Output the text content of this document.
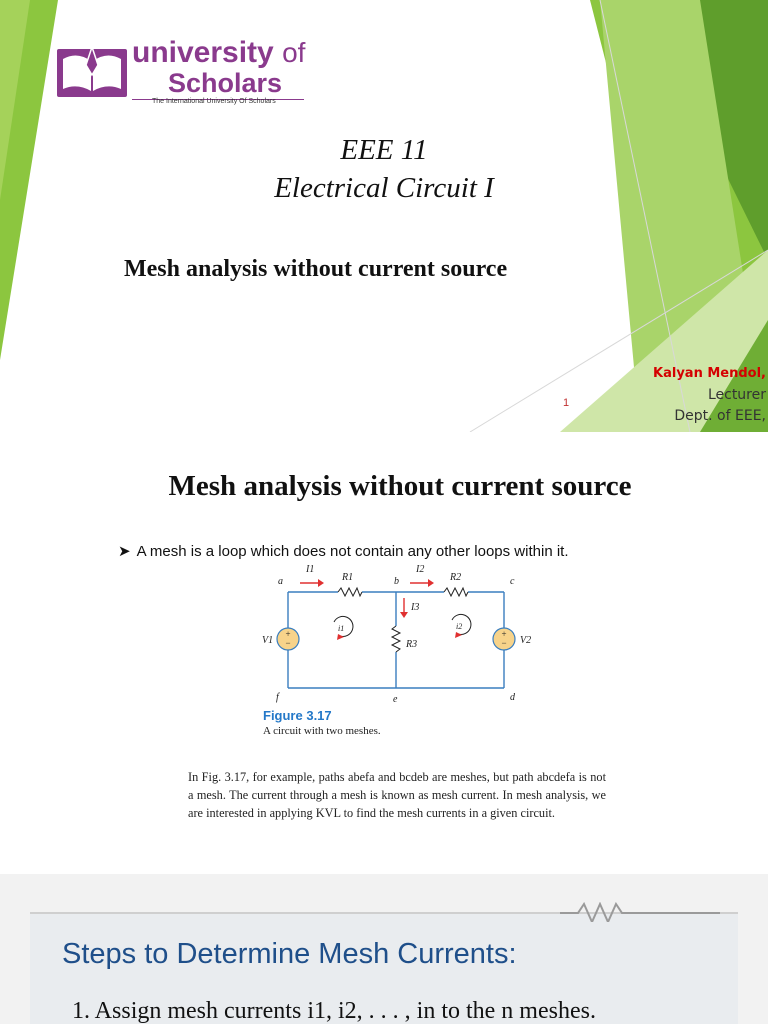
university of
Scholars
The International University Of Scholars
EEE 11
Electrical Circuit I
Mesh analysis without current source
Kalyan Mendol,
Lecturer
Dept. of EEE,
1
Mesh analysis without current source
➤ A mesh is a loop which does not contain any other loops within it.
+
−
+
−
a	b	c
d
e
f
I1	I2
I3
R1	R2
R3
V1	V2
i1	i2
Figure 3.17
A circuit with two meshes.
In Fig. 3.17, for example, paths abefa and bcdeb are meshes, but path abcdefa is not a mesh. The current through a mesh is known as mesh current. In mesh analysis, we are interested in applying KVL to find the mesh currents in a given circuit.
Steps to Determine Mesh Currents:
1. Assign mesh currents i1, i2, . . . , in to the n meshes.
